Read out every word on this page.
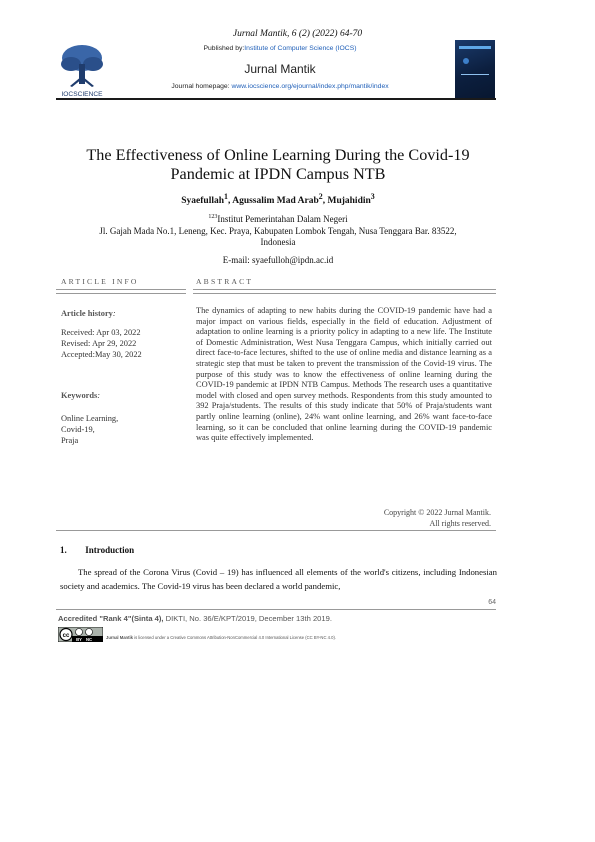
Jurnal Mantik, 6 (2) (2022) 64-70
IOCSCIENCE
Published by:Institute of Computer Science (IOCS)
Jurnal Mantik
Journal homepage: www.iocscience.org/ejournal/index.php/mantik/index
The Effectiveness of Online Learning During the Covid-19
Pandemic at IPDN Campus NTB
Syaefullah$^1$, Agussalim Mad Arab$^2$, Mujahidin$^3$
$^{123}$Institut Pemerintahan Dalam Negeri
Jl. Gajah Mada No.1, Leneng, Kec. Praya, Kabupaten Lombok Tengah, Nusa Tenggara Bar. 83522,
Indonesia
E-mail: syaefulloh@ipdn.ac.id
ARTICLE INFO	ABSTRACT
Article history:
Received: Apr 03, 2022
Revised: Apr 29, 2022
Accepted:May 30, 2022
Keywords:
Online Learning,
Covid-19,
Praja
The dynamics of adapting to new habits during the COVID-19 pandemic have had a major impact on various fields, especially in the field of education. Adjustment of adaptation to online learning is a priority policy in adapting to a new life. The Institute of Domestic Administration, West Nusa Tenggara Campus, which initially carried out direct face-to-face lectures, shifted to the use of online media and distance learning as a strategic step that must be taken to prevent the transmission of the Covid-19 virus. The purpose of this study was to know the effectiveness of online learning during the COVID-19 pandemic at IPDN NTB Campus. Methods The research uses a quantitative model with closed and open survey methods. Respondents from this study amounted to 392 Praja/students. The results of this study indicate that 50% of Praja/students want partly online learning (online), 24% want online learning, and 26% want face-to-face learning, so it can be concluded that online learning during the COVID-19 pandemic was quite effectively implemented.
Copyright © 2022 Jurnal Mantik.
All rights reserved.
1. Introduction
The spread of the Corona Virus (Covid – 19) has influenced all elements of the world's citizens, including Indonesian society and academics. The Covid-19 virus has been declared a world pandemic,
64
Accredited "Rank 4"(Sinta 4), DIKTI, No. 36/E/KPT/2019, December 13th 2019.
cc
BY NC	Jurnal Mantik is licensed under a Creative Commons Attribution-NonCommercial 4.0 International License (CC BY-NC 4.0).
